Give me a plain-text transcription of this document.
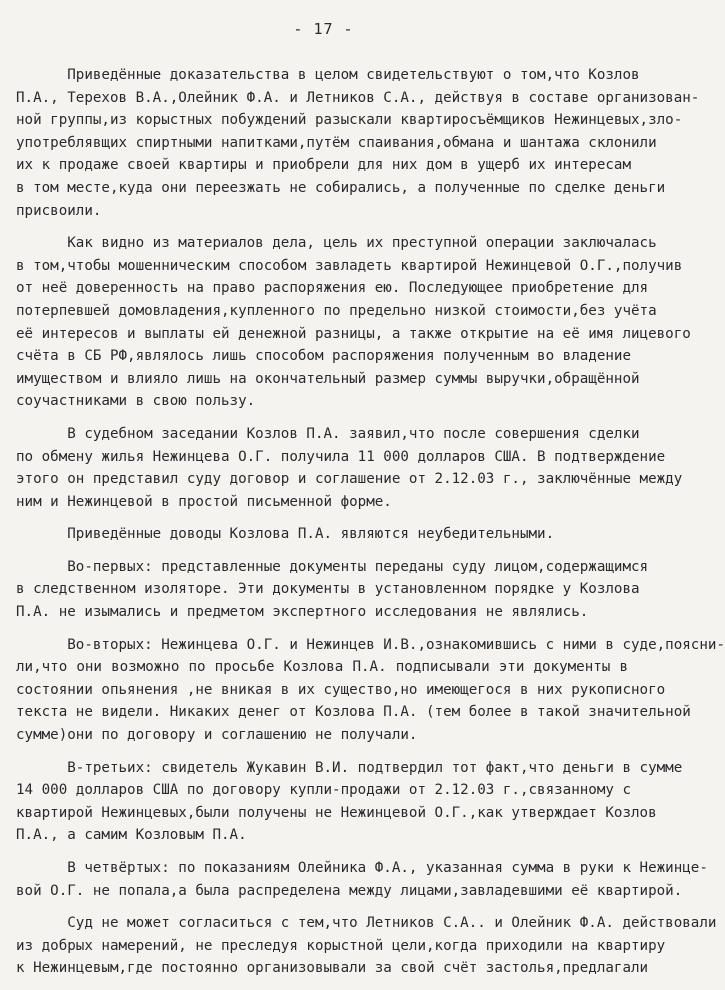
- 17 -
Приведённые доказательства в целом свидетельствуют о том,что Козлов
П.А., Терехов В.А.,Олейник Ф.А. и Летников С.А., действуя в составе организован-
ной группы,из корыстных побуждений разыскали квартиросъёмщиков Нежинцевых,зло-
употреблявщих спиртными напитками,путём спаивания,обмана и шантажа склонили
их к продаже своей квартиры и приобрели для них дом в ущерб их интересам
в том месте,куда они переезжать не собирались, а полученные по сделке деньги
присвоили.
Как видно из материалов дела, цель их преступной операции заключалась
в том,чтобы мошенническим способом завладеть квартирой Нежинцевой О.Г.,получив
от неё доверенность на право распоряжения ею. Последующее приобретение для
потерпевшей домовладения,купленного по предельно низкой стоимости,без учёта
её интересов и выплаты ей денежной разницы, а также открытие на её имя лицевого
счёта в СБ РФ,являлось лишь способом распоряжения полученным во владение
имуществом и влияло лишь на окончательный размер суммы выручки,обращённой
соучастниками в свою пользу.
В судебном заседании Козлов П.А. заявил,что после совершения сделки
по обмену жилья Нежинцева О.Г. получила 11 000 долларов США. В подтверждение
этого он представил суду договор и соглашение от 2.12.03 г., заключённые между
ним и Нежинцевой в простой письменной форме.
Приведённые доводы Козлова П.А. являются неубедительными.
Во-первых: представленные документы переданы суду лицом,содержащимся
в следственном изоляторе. Эти документы в установленном порядке у Козлова
П.А. не изымались и предметом экспертного исследования не являлись.
Во-вторых: Нежинцева О.Г. и Нежинцев И.В.,ознакомившись с ними в суде,поясни-
ли,что они возможно по просьбе Козлова П.А. подписывали эти документы в
состоянии опьянения ,не вникая в их существо,но имеющегося в них рукописного
текста не видели. Никаких денег от Козлова П.А. (тем более в такой значительной
сумме)они по договору и соглашению не получали.
В-третьих: свидетель Жукавин В.И. подтвердил тот факт,что деньги в сумме
14 000 долларов США по договору купли-продажи от 2.12.03 г.,связанному с
квартирой Нежинцевых,были получены не Нежинцевой О.Г.,как утверждает Козлов
П.А., а самим Козловым П.А.
В четвёртых: по показаниям Олейника Ф.А., указанная сумма в руки к Нежинце-
вой О.Г. не попала,а была распределена между лицами,завладевшими её квартирой.
Суд не может согласиться с тем,что Летников С.А.. и Олейник Ф.А. действовали
из добрых намерений, не преследуя корыстной цели,когда приходили на квартиру
к Нежинцевым,где постоянно организовывали за свой счёт застолья,предлагали
